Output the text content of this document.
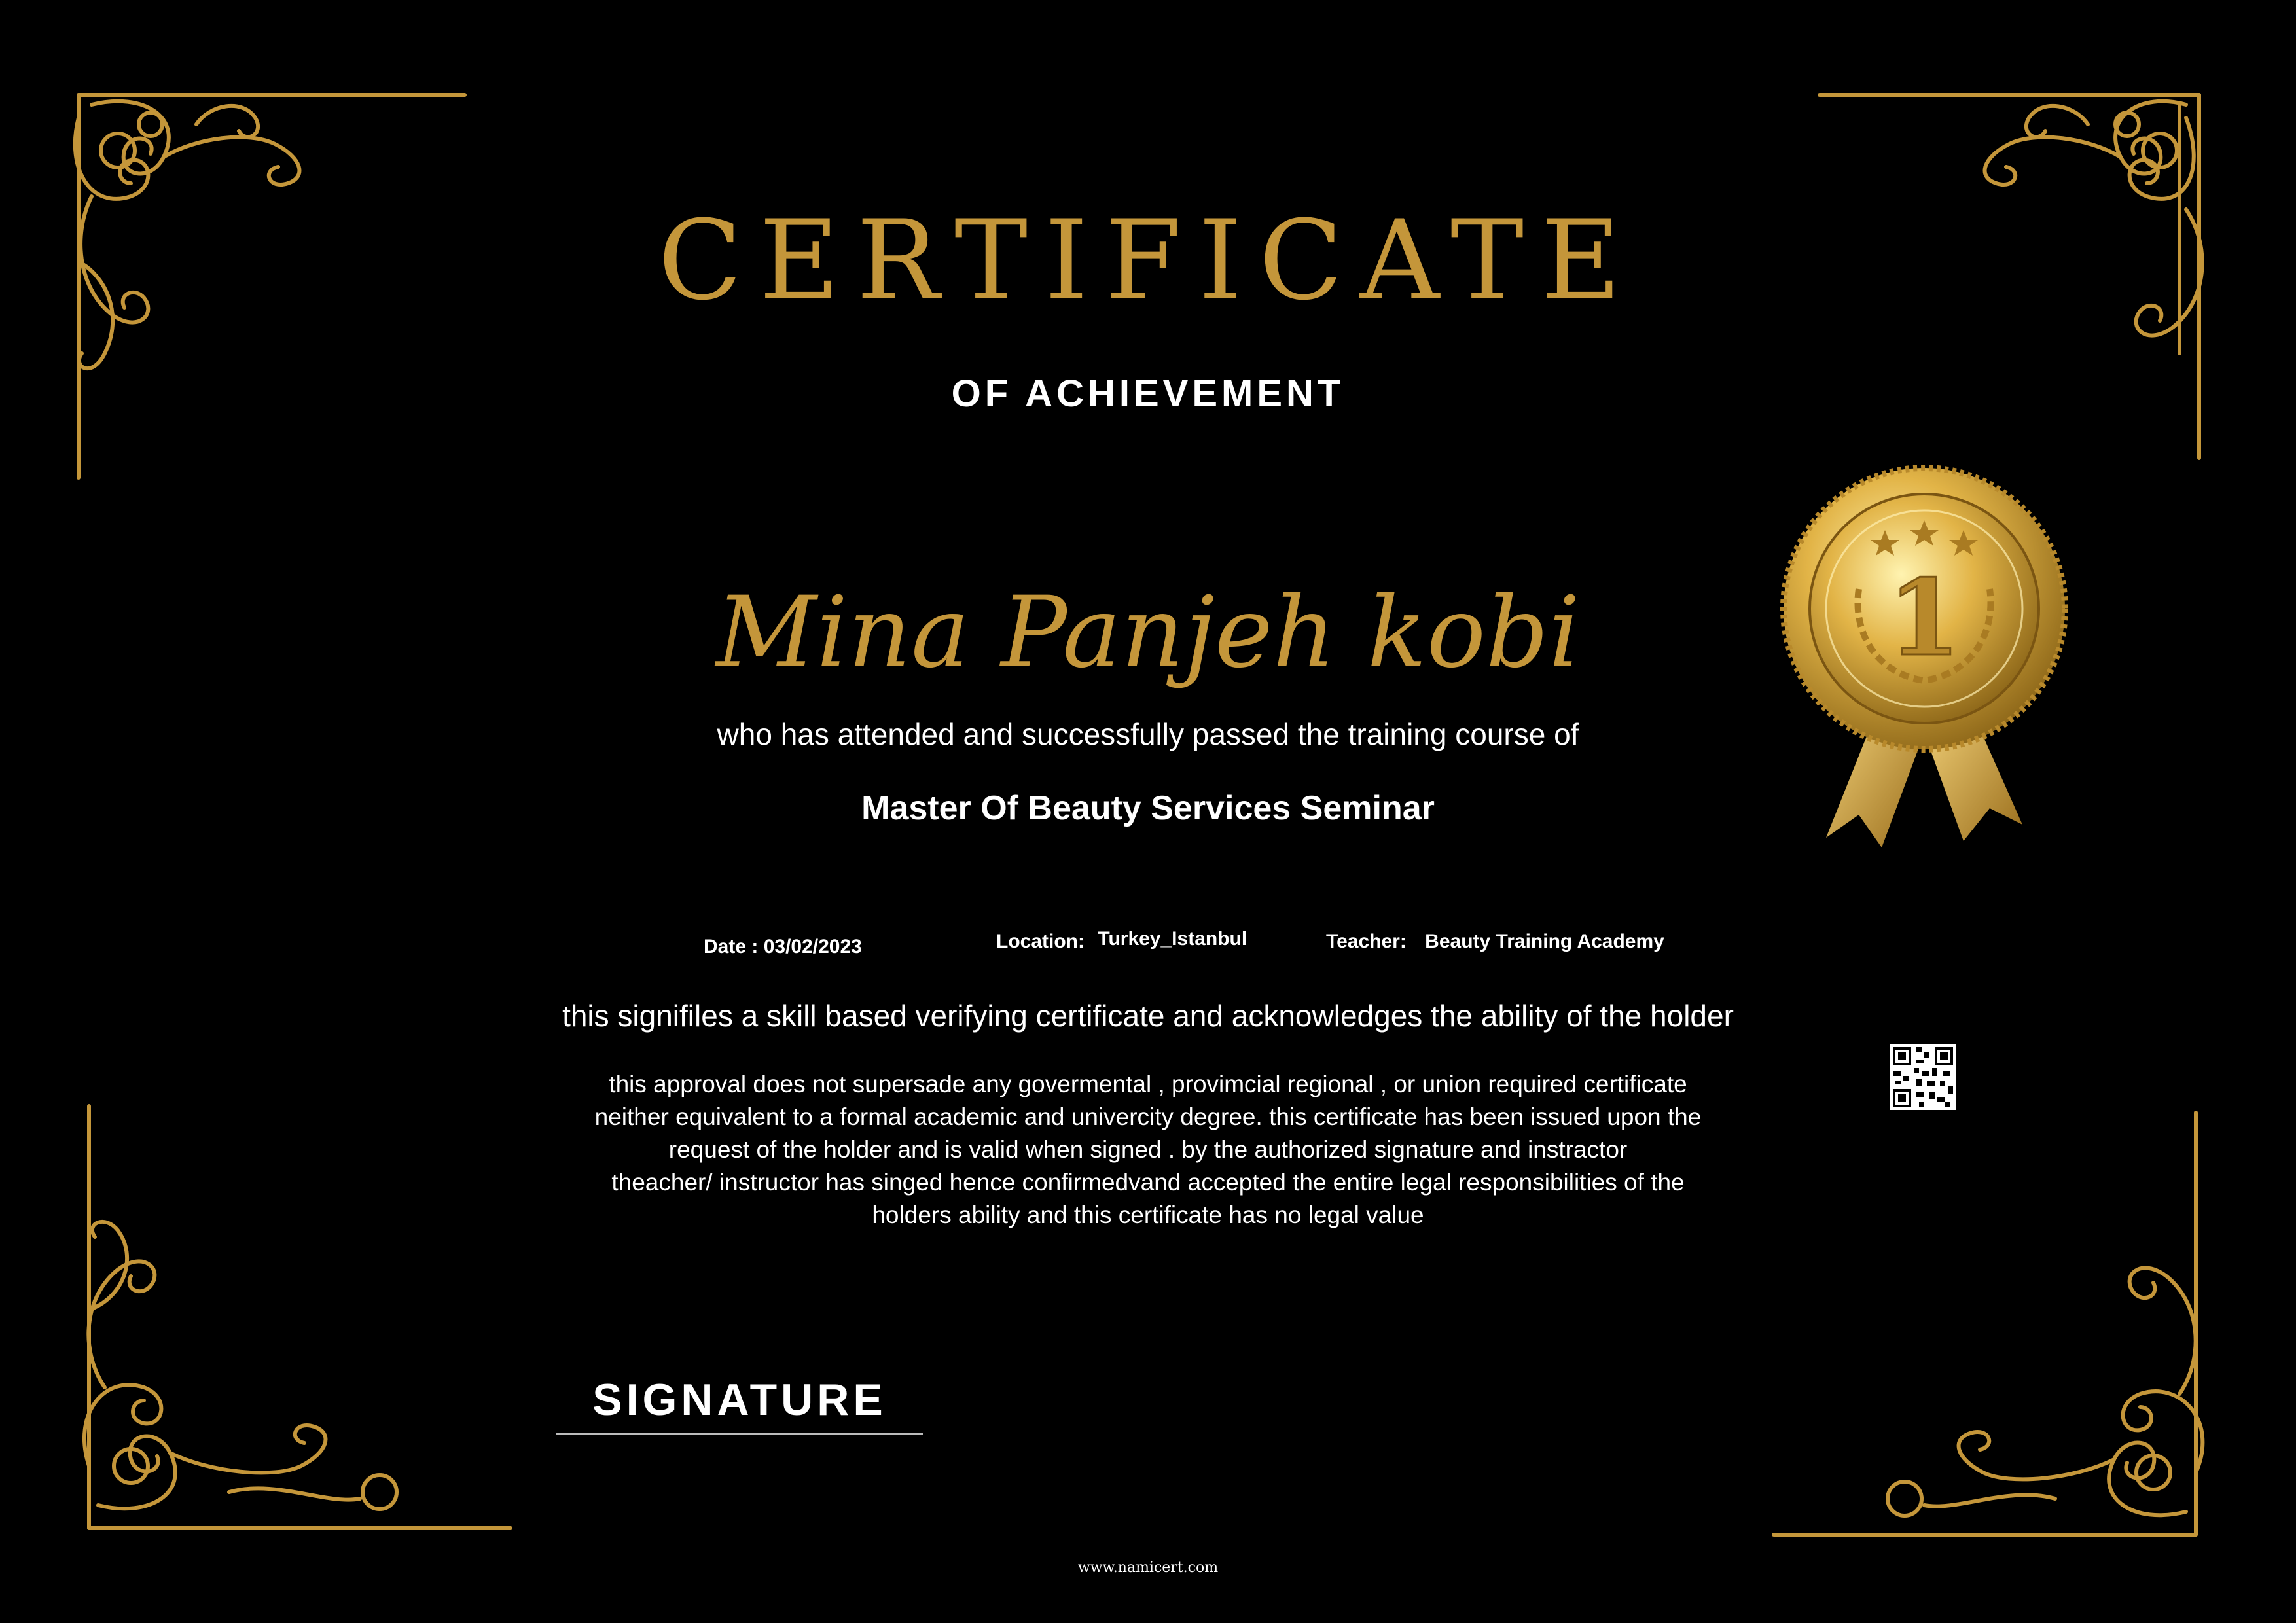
CERTIFICATE
OF ACHIEVEMENT
Mina Panjeh kobi
who has attended and successfully passed the training course of
Master Of Beauty Services Seminar
Date : 03/02/2023	Location: Turkey_Istanbul	Teacher: Beauty Training Academy
this signifiles a skill based verifying certificate and acknowledges the ability of the holder
this approval does not supersade any govermental , provimcial regional , or union required certificate
neither equivalent to a formal academic and univercity degree. this certificate has been issued upon the
request of the holder and is valid when signed . by the authorized signature and instractor
theacher/ instructor has singed hence confirmedvand accepted the entire legal responsibilities of the
holders ability and this certificate has no legal value
SIGNATURE
www.namicert.com
1
